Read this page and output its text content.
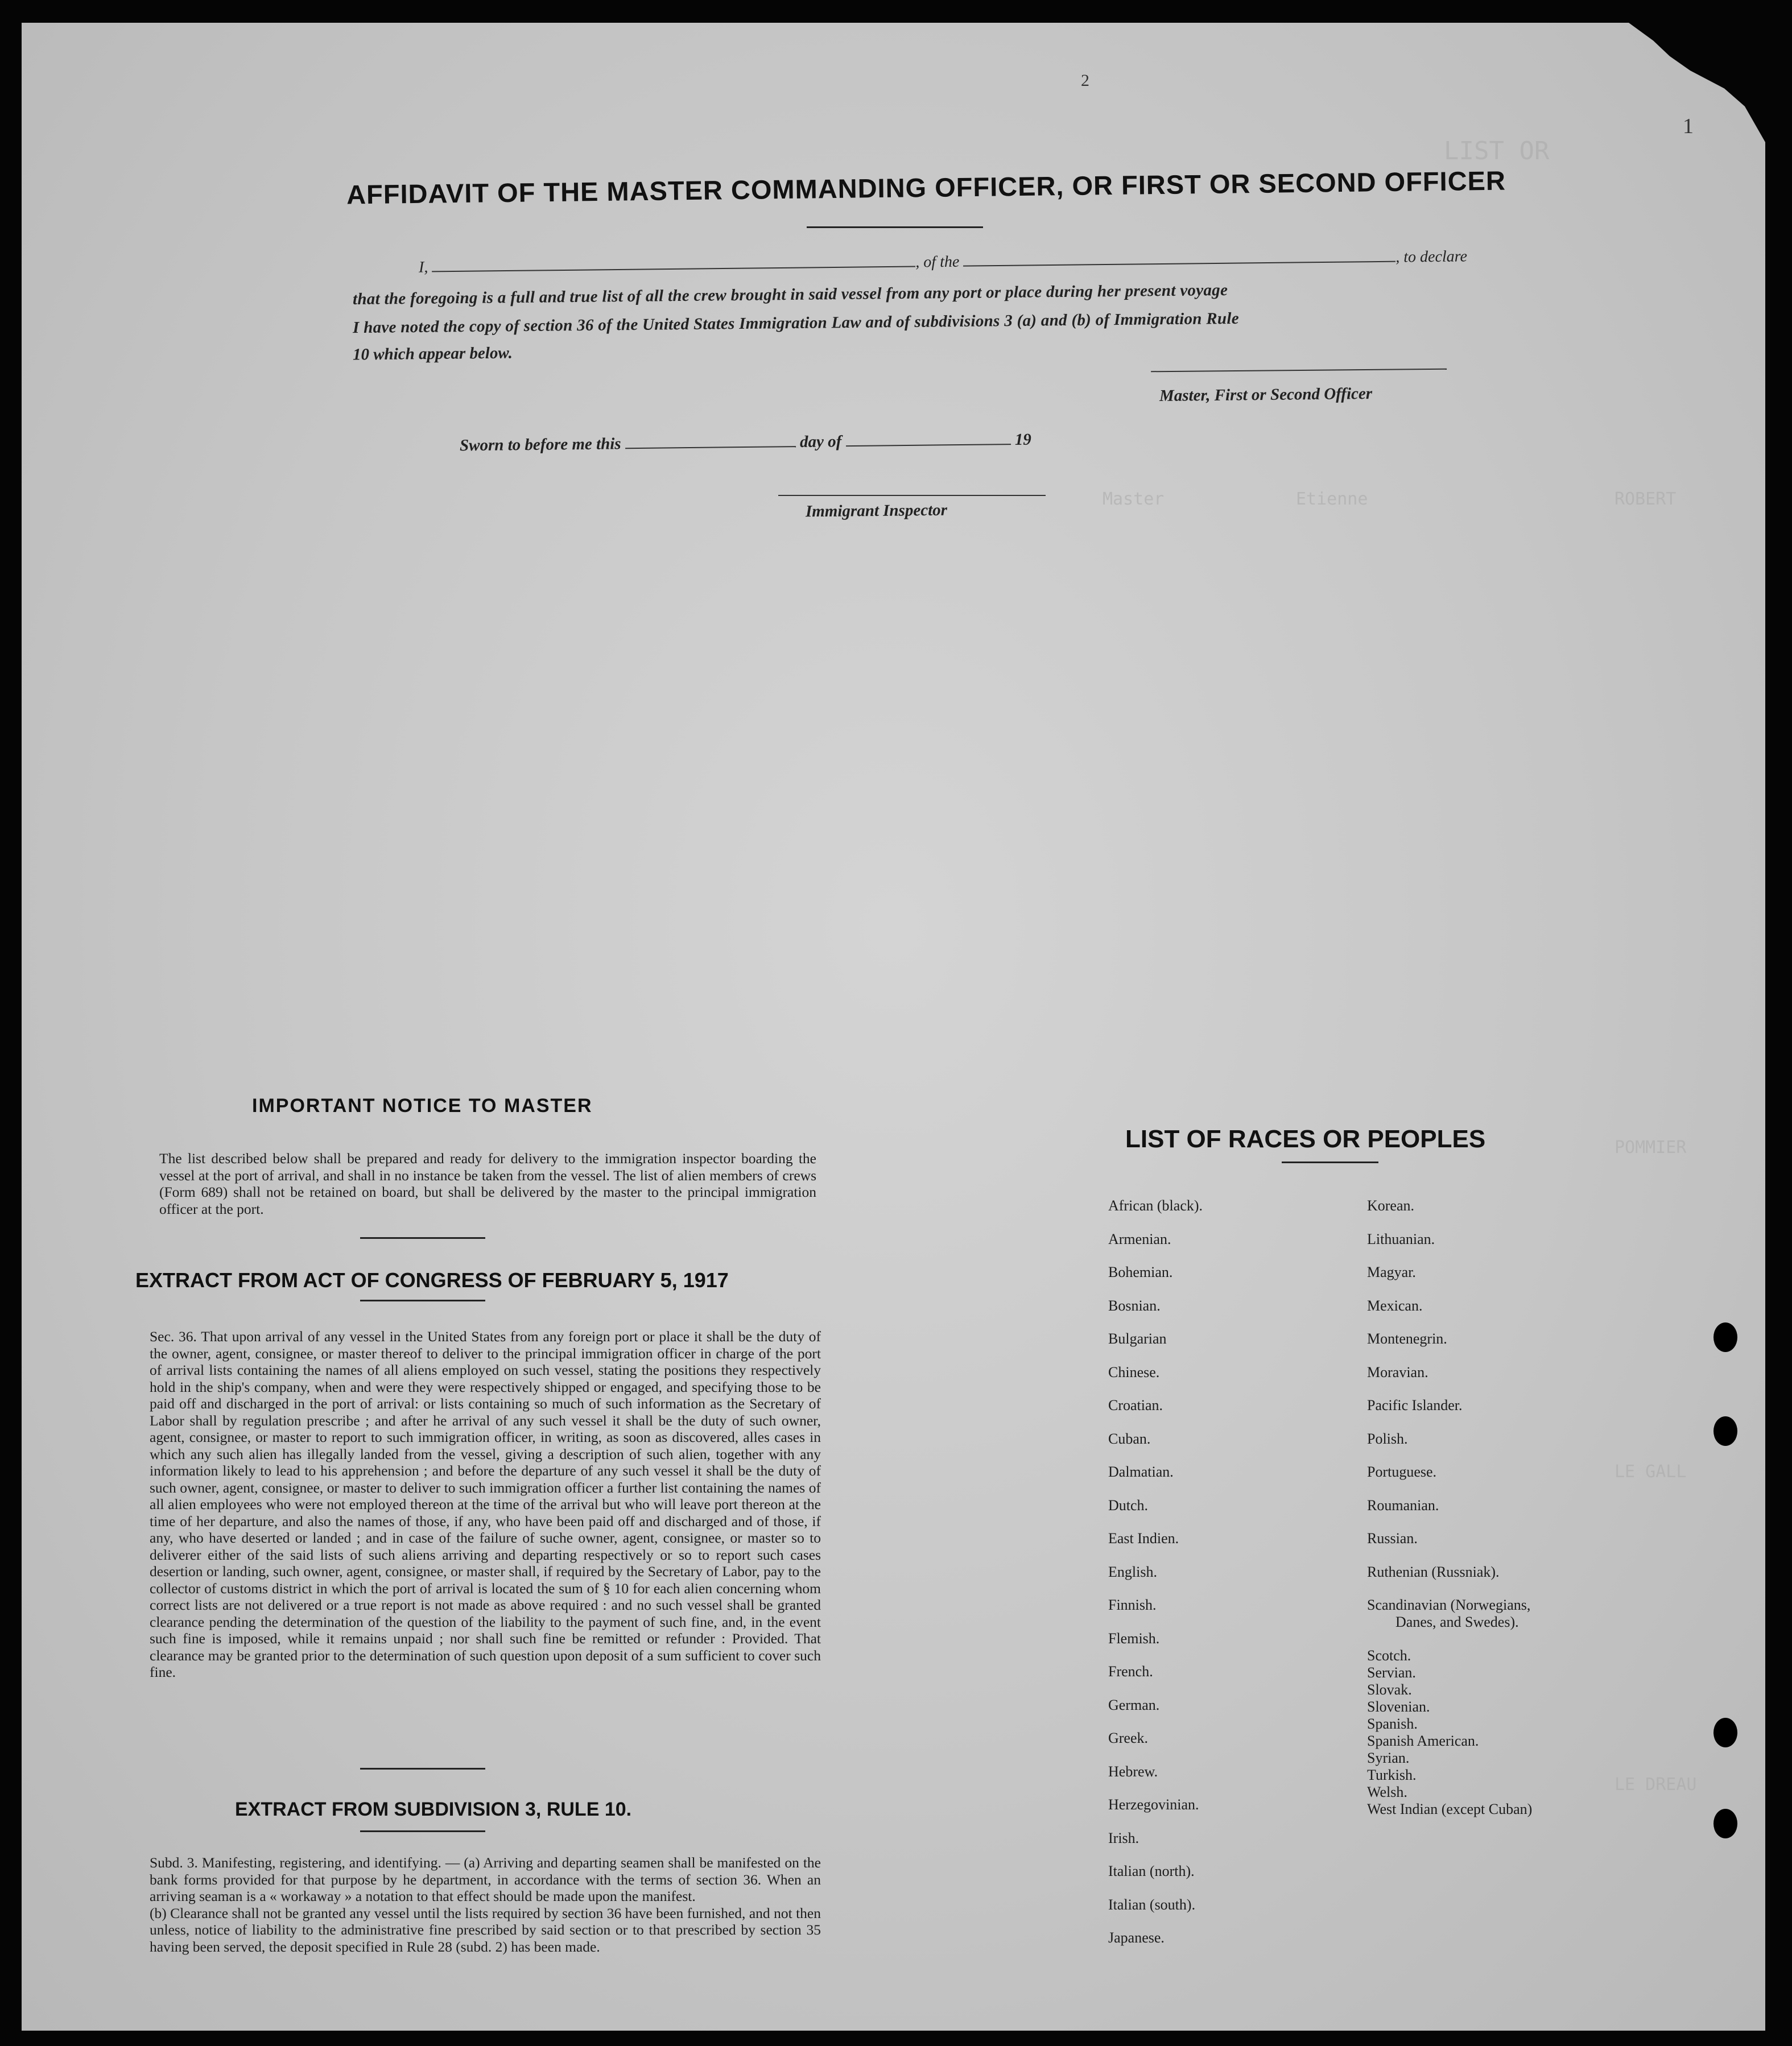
LIST OR
ROBERT
Etienne
Master
POMMIER
LE GALL
LE DREAU
2
1
AFFIDAVIT OF THE MASTER COMMANDING OFFICER, OR FIRST OR SECOND OFFICER
I,	, of the	, to declare
that the foregoing is a full and true list of all the crew brought in said vessel from any port or place during her present voyage
I have noted the copy of section 36 of the United States Immigration Law and of subdivisions 3 (a) and (b) of Immigration Rule
10 which appear below.
Master, First or Second Officer
Sworn to before me this	day of	19
Immigrant Inspector
IMPORTANT NOTICE TO MASTER
The list described below shall be prepared and ready for delivery to the immigration inspector boarding the vessel at the port of arrival, and shall in no instance be taken from the vessel. The list of alien members of crews (Form 689) shall not be retained on board, but shall be delivered by the master to the principal immigration officer at the port.
EXTRACT FROM ACT OF CONGRESS OF FEBRUARY 5, 1917
Sec. 36. That upon arrival of any vessel in the United States from any foreign port or place it shall be the duty of the owner, agent, consignee, or master thereof to deliver to the principal immigration officer in charge of the port of arrival lists containing the names of all aliens employed on such vessel, stating the positions they respectively hold in the ship's company, when and were they were respectively shipped or engaged, and specifying those to be paid off and discharged in the port of arrival: or lists containing so much of such information as the Secretary of Labor shall by regulation prescribe ; and after he arrival of any such vessel it shall be the duty of such owner, agent, consignee, or master to report to such immigration officer, in writing, as soon as discovered, alles cases in which any such alien has illegally landed from the vessel, giving a description of such alien, together with any information likely to lead to his apprehension ; and before the departure of any such vessel it shall be the duty of such owner, agent, consignee, or master to deliver to such immigration officer a further list containing the names of all alien employees who were not employed thereon at the time of the arrival but who will leave port thereon at the time of her departure, and also the names of those, if any, who have been paid off and discharged and of those, if any, who have deserted or landed ; and in case of the failure of suche owner, agent, consignee, or master so to deliverer either of the said lists of such aliens arriving and departing respectively or so to report such cases desertion or landing, such owner, agent, consignee, or master shall, if required by the Secretary of Labor, pay to the collector of customs district in which the port of arrival is located the sum of § 10 for each alien concerning whom correct lists are not delivered or a true report is not made as above required : and no such vessel shall be granted clearance pending the determination of the question of the liability to the payment of such fine, and, in the event such fine is imposed, while it remains unpaid ; nor shall such fine be remitted or refunder : Provided. That clearance may be granted prior to the determination of such question upon deposit of a sum sufficient to cover such fine.
EXTRACT FROM SUBDIVISION 3, RULE 10.

Subd. 3. Manifesting, registering, and identifying. — (a) Arriving and departing seamen shall be manifested on the bank forms provided for that purpose by he department, in accordance with the terms of section 36. When an arriving seaman is a « workaway » a notation to that effect should be made upon the manifest.

(b) Clearance shall not be granted any vessel until the lists required by section 36 have been furnished, and not then unless, notice of liability to the administrative fine prescribed by said section or to that prescribed by section 35 having been served, the deposit specified in Rule 28 (subd. 2) has been made.

LIST OF RACES OR PEOPLES
African (black).
Armenian.
Bohemian.
Bosnian.
Bulgarian
Chinese.
Croatian.
Cuban.
Dalmatian.
Dutch.
East Indien.
English.
Finnish.
Flemish.
French.
German.
Greek.
Hebrew.
Herzegovinian.
Irish.
Italian (north).
Italian (south).
Japanese.
Korean.
Lithuanian.
Magyar.
Mexican.
Montenegrin.
Moravian.
Pacific Islander.
Polish.
Portuguese.
Roumanian.
Russian.
Ruthenian (Russniak).
Scandinavian (Norwegians,
Danes, and Swedes).
Scotch.
Servian.
Slovak.
Slovenian.
Spanish.
Spanish American.
Syrian.
Turkish.
Welsh.
West Indian (except Cuban)
